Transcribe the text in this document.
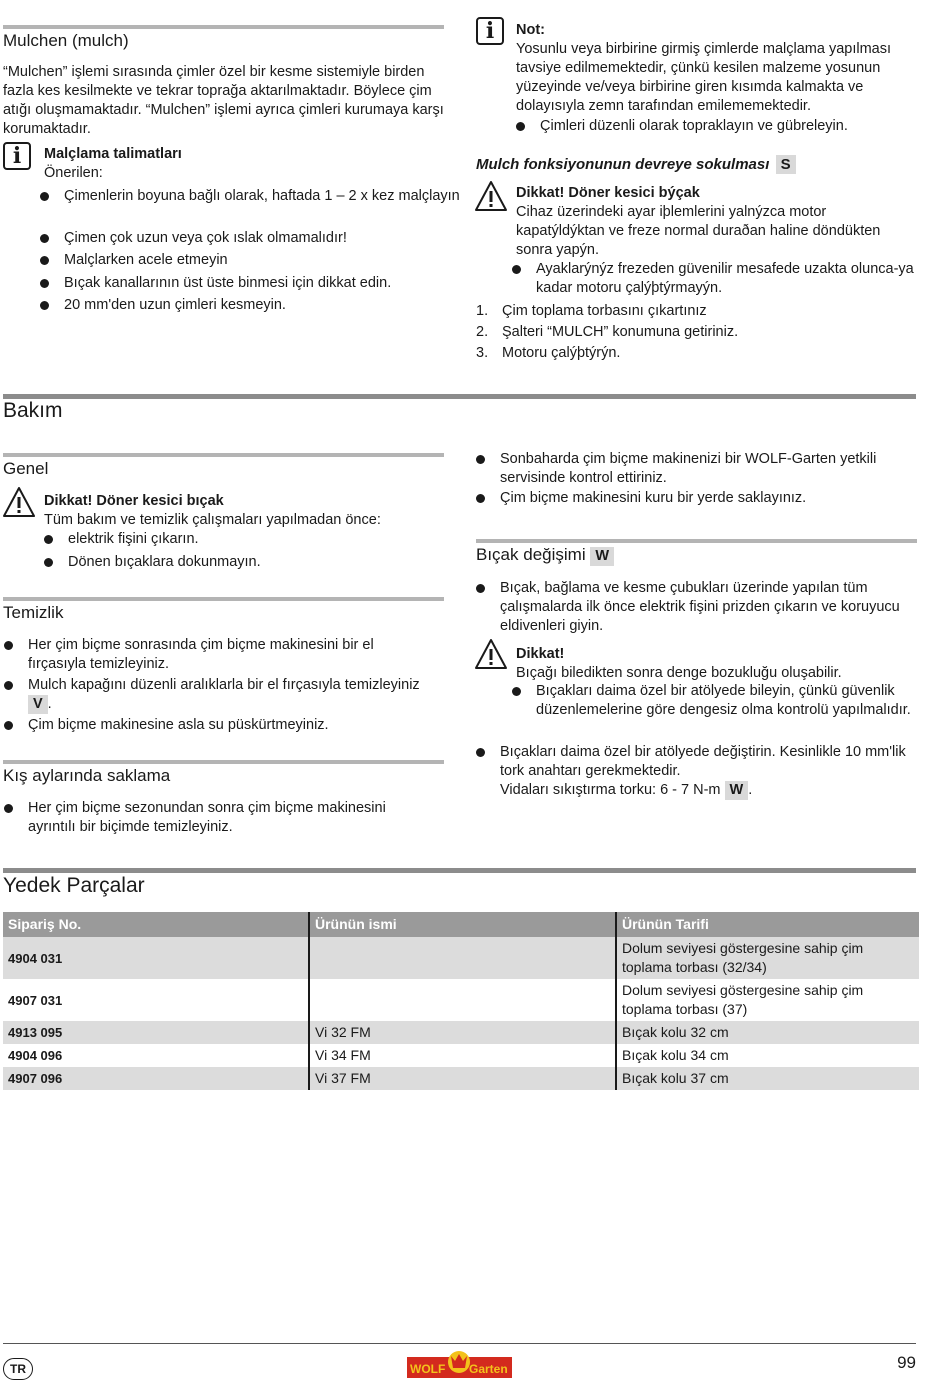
Mulchen (mulch)
“Mulchen” işlemi sırasında çimler özel bir kesme sistemiyle birden fazla kes kesilmekte ve tekrar toprağa aktarılmaktadır. Böylece çim atığı oluşmamaktadır. “Mulchen” işlemi ayrıca çimleri kurumaya karşı korumaktadır.
i	Malçlama talimatları
Önerilen:
Çimenlerin boyuna bağlı olarak, haftada 1 – 2 x kez malçlayın
Çimen çok uzun veya çok ıslak olmamalıdır!
Malçlarken acele etmeyin
Bıçak kanallarının üst üste binmesi için dikkat edin.
20 mm'den uzun çimleri kesmeyin.
i	Not:
Yosunlu veya birbirine girmiş çimlerde malçlama yapılması tavsiye edilmemektedir, çünkü kesilen malzeme yosunun yüzeyinde ve/veya birbirine giren kısımda kalmakta ve dolayısıyla zemn tarafından emilememektedir.
Çimleri düzenli olarak topraklayın ve gübreleyin.
Mulch fonksiyonunun devreye sokulması S
Dikkat! Döner kesici býçak
Cihaz üzerindeki ayar iþlemlerini yalnýzca motor kapatýldýktan ve freze normal duraðan haline döndükten sonra yapýn.
Ayaklarýnýz frezeden güvenilir mesafede uzakta olunca-ya kadar motoru çalýþtýrmayýn.
1. Çim toplama torbasını çıkartınız
2. Şalteri “MULCH” konumuna getiriniz.
3. Motoru çalýþtýrýn.
Bakım
Genel
Dikkat! Döner kesici bıçak
Tüm bakım ve temizlik çalışmaları yapılmadan önce:
elektrik fişini çıkarın.
Dönen bıçaklara dokunmayın.
Temizlik
Her çim biçme sonrasında çim biçme makinesini bir el fırçasıyla temizleyiniz.
Mulch kapağını düzenli aralıklarla bir el fırçasıyla temizleyiniz V .
Çim biçme makinesine asla su püskürtmeyiniz.
Kış aylarında saklama
Her çim biçme sezonundan sonra çim biçme makinesini ayrıntılı bir biçimde temizleyiniz.
Sonbaharda çim biçme makinenizi bir WOLF-Garten yetkili servisinde kontrol ettiriniz.
Çim biçme makinesini kuru bir yerde saklayınız.
Bıçak değişimi W
Bıçak, bağlama ve kesme çubukları üzerinde yapılan tüm çalışmalarda ilk önce elektrik fişini prizden çıkarın ve koruyucu eldivenleri giyin.
Dikkat!
Bıçağı biledikten sonra denge bozukluğu oluşabilir.
Bıçakları daima özel bir atölyede bileyin, çünkü güvenlik düzenlemelerine göre dengesiz olma kontrolü yapılmalıdır.
Bıçakları daima özel bir atölyede değiştirin. Kesinlikle 10 mm'lik tork anahtarı gerekmektedir.
Vidaları sıkıştırma torku: 6 - 7 N-m W .
Yedek Parçalar
Sipariş No.	Ürünün ismi	Ürünün Tarifi
4904 031		Dolum seviyesi göstergesine sahip çim toplama torbası (32/34)
4907 031		Dolum seviyesi göstergesine sahip çim toplama torbası (37)
4913 095	Vi 32 FM	Bıçak kolu 32 cm
4904 096	Vi 34 FM	Bıçak kolu 34 cm
4907 096	Vi 37 FM	Bıçak kolu 37 cm
TR	WOLF Garten	99
